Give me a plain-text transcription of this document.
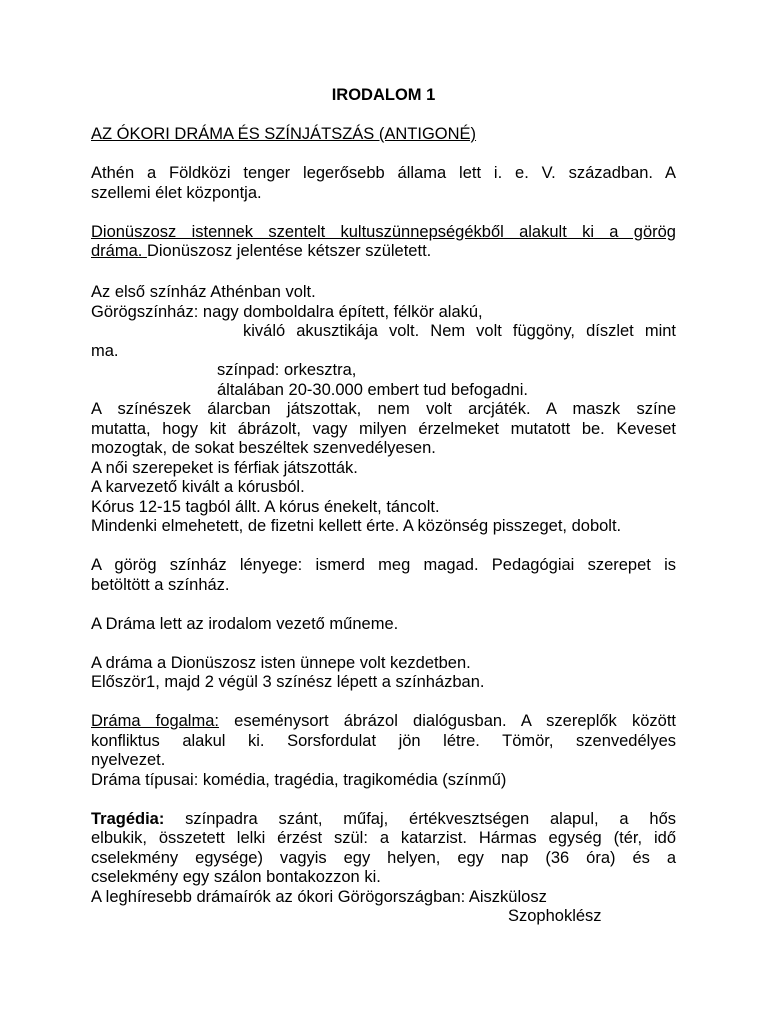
IRODALOM 1

AZ ÓKORI DRÁMA ÉS SZÍNJÁTSZÁS (ANTIGONÉ)

Athén a Földközi tenger legerősebb állama lett i. e. V. században. A

szellemi élet központja.

Dionüszosz istennek szentelt kultuszünnepségékből alakult ki a görög

dráma. Dionüszosz jelentése kétszer született.

Az első színház Athénban volt.

Görögszínház: nagy domboldalra épített, félkör alakú,

kiváló akusztikája volt. Nem volt függöny, díszlet mint

ma.

színpad: orkesztra,

általában 20-30.000 embert tud befogadni.

A színészek álarcban játszottak, nem volt arcjáték. A maszk színe

mutatta, hogy kit ábrázolt, vagy milyen érzelmeket mutatott be. Keveset

mozogtak, de sokat beszéltek szenvedélyesen.

A női szerepeket is férfiak játszották.

A karvezető kivált a kórusból.

Kórus 12-15 tagból állt. A kórus énekelt, táncolt.

Mindenki elmehetett, de fizetni kellett érte. A közönség pisszeget, dobolt.

A görög színház lényege: ismerd meg magad. Pedagógiai szerepet is

betöltött a színház.

A Dráma lett az irodalom vezető műneme.

A dráma a Dionüszosz isten ünnepe volt kezdetben.

Először1, majd 2 végül 3 színész lépett a színházban.

Dráma fogalma: eseménysort ábrázol dialógusban. A szereplők között

konfliktus alakul ki. Sorsfordulat jön létre. Tömör, szenvedélyes

nyelvezet.

Dráma típusai: komédia, tragédia, tragikomédia (színmű)

Tragédia: színpadra szánt, műfaj, értékvesztségen alapul, a hős

elbukik, összetett lelki érzést szül: a katarzist. Hármas egység (tér, idő

cselekmény egysége) vagyis egy helyen, egy nap (36 óra) és a

cselekmény egy szálon bontakozzon ki.

A leghíresebb drámaírók az ókori Görögországban: Aiszkülosz

Szophoklész
